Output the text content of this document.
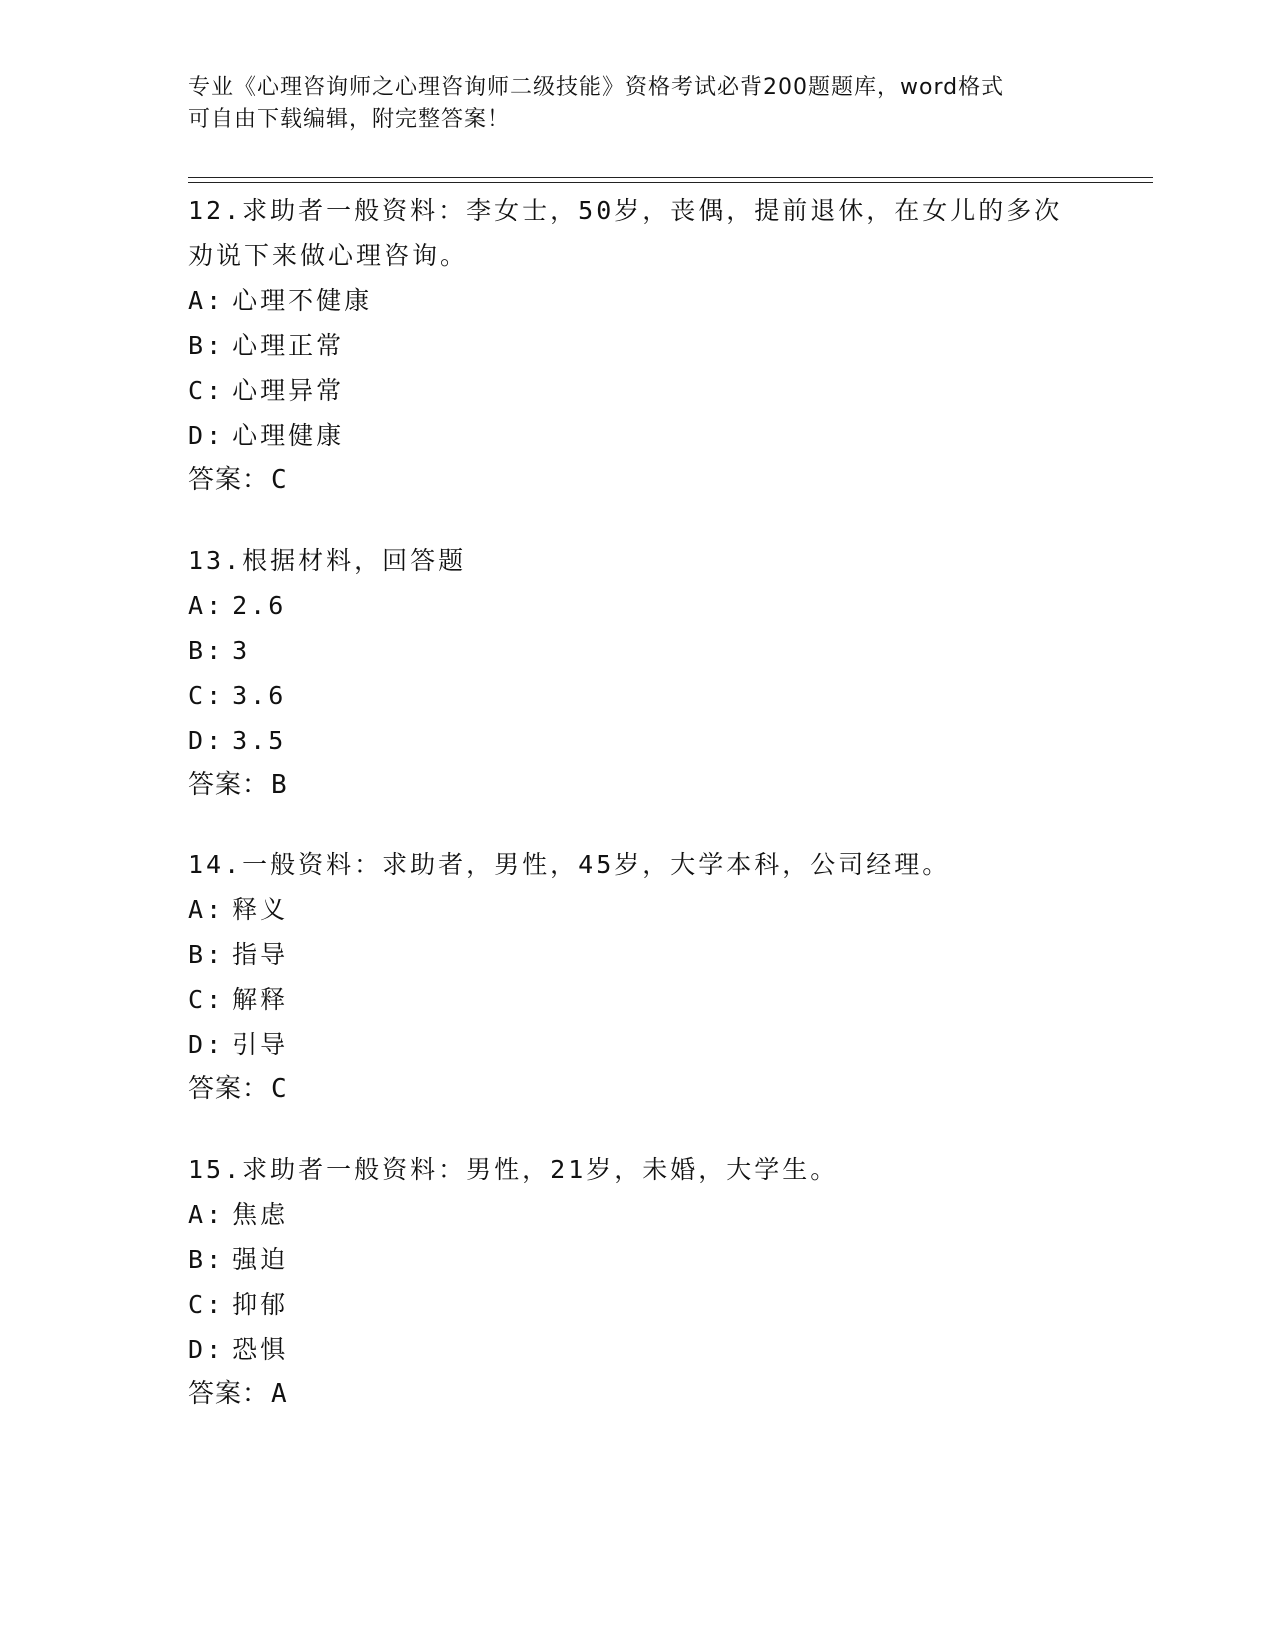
专业《心理咨询师之心理咨询师二级技能》资格考试必背200题题库，word格式
可自由下载编辑，附完整答案！
12.求助者一般资料：李女士，50岁，丧偶，提前退休，在女儿的多次
劝说下来做心理咨询。
A: 心理不健康
B: 心理正常
C: 心理异常
D: 心理健康
答案：C
13.根据材料，回答题
A: 2.6
B: 3
C: 3.6
D: 3.5
答案：B
14.一般资料：求助者，男性，45岁，大学本科，公司经理。
A: 释义
B: 指导
C: 解释
D: 引导
答案：C
15.求助者一般资料：男性，21岁，未婚，大学生。
A: 焦虑
B: 强迫
C: 抑郁
D: 恐惧
答案：A
